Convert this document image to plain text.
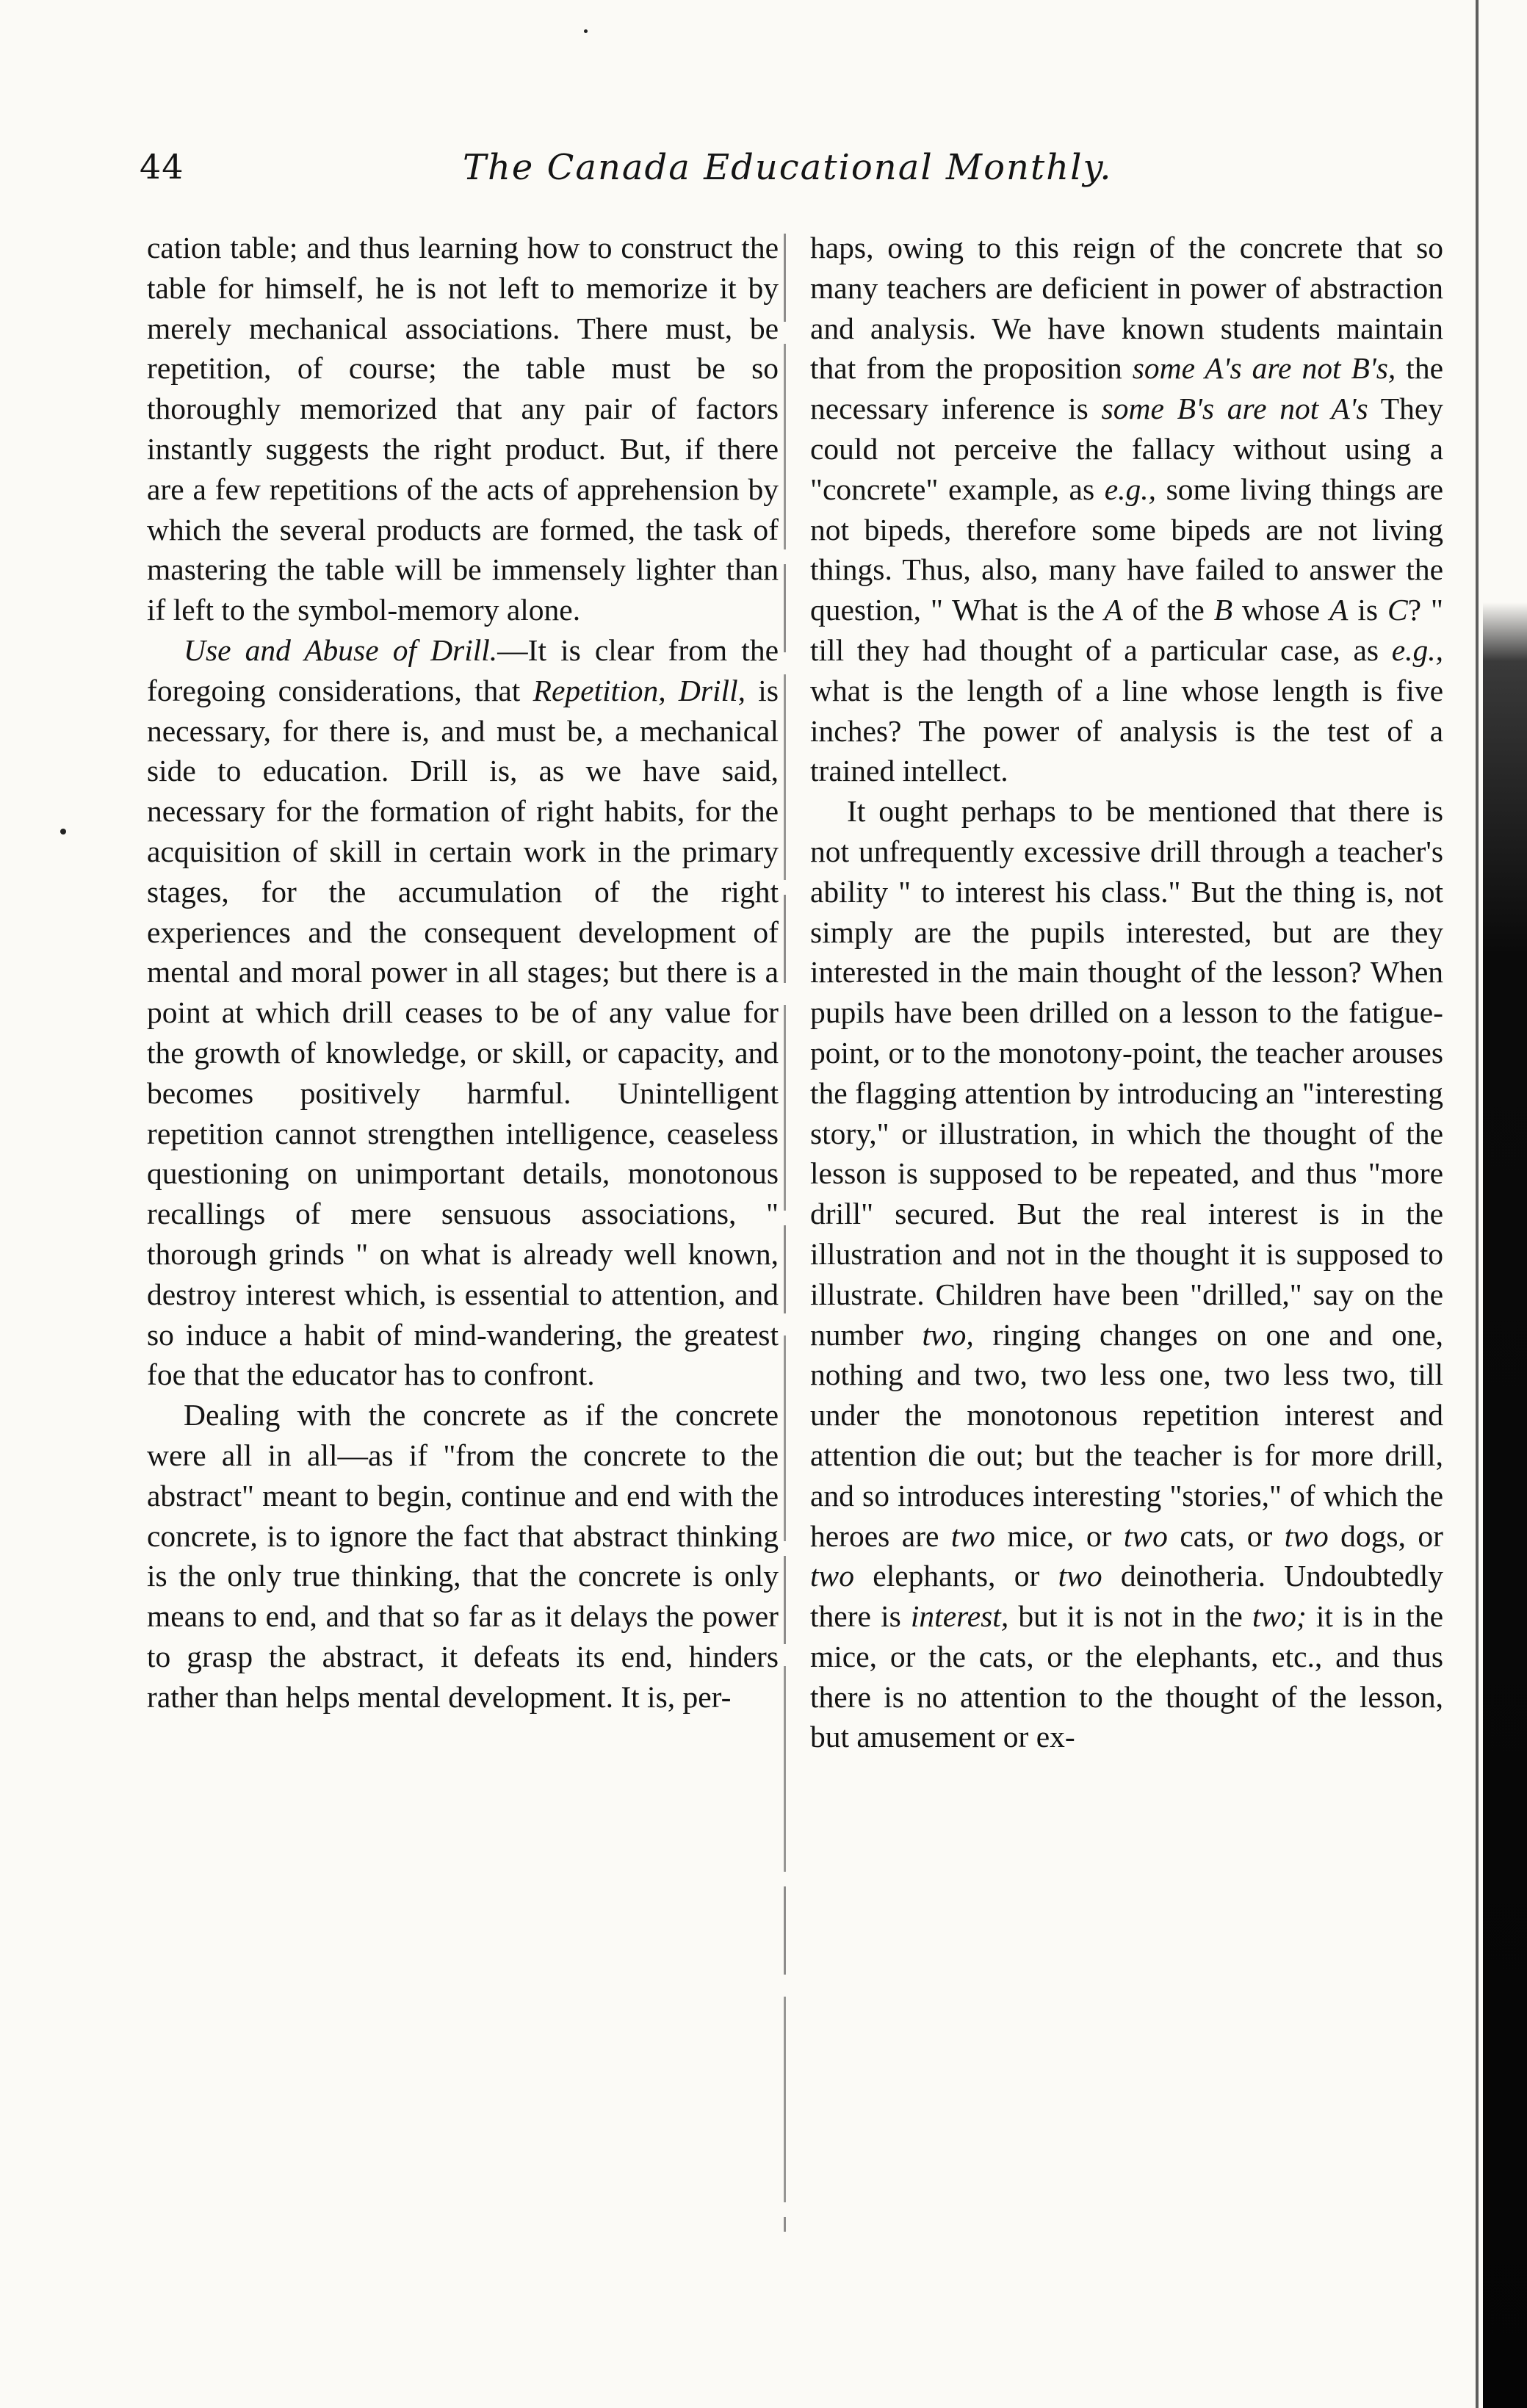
44	The Canada Educational Monthly.

cation table; and thus learning how to construct the table for himself, he is not left to memorize it by merely mechanical associations. There must, be repetition, of course; the table must be so thoroughly memorized that any pair of factors instantly suggests the right product. But, if there are a few repetitions of the acts of apprehension by which the several products are formed, the task of mastering the table will be immensely lighter than if left to the symbol-memory alone.

Use and Abuse of Drill.—It is clear from the foregoing considerations, that Repetition, Drill, is necessary, for there is, and must be, a mechanical side to education. Drill is, as we have said, necessary for the formation of right habits, for the acquisition of skill in certain work in the primary stages, for the accumulation of the right experiences and the consequent development of mental and moral power in all stages; but there is a point at which drill ceases to be of any value for the growth of knowledge, or skill, or capacity, and becomes positively harmful. Unintelligent repetition cannot strengthen intelligence, ceaseless questioning on unimportant details, monotonous recallings of mere sensuous associations, " thorough grinds " on what is already well known, destroy interest which, is essential to attention, and so induce a habit of mind-wandering, the greatest foe that the educator has to confront.

Dealing with the concrete as if the concrete were all in all—as if "from the concrete to the abstract" meant to begin, continue and end with the concrete, is to ignore the fact that abstract thinking is the only true thinking, that the concrete is only means to end, and that so far as it delays the power to grasp the abstract, it defeats its end, hinders rather than helps mental development. It is, per-

haps, owing to this reign of the concrete that so many teachers are deficient in power of abstraction and analysis. We have known students maintain that from the proposition some A's are not B's, the necessary inference is some B's are not A's They could not perceive the fallacy without using a "concrete" example, as e.g., some living things are not bipeds, therefore some bipeds are not living things. Thus, also, many have failed to answer the question, " What is the A of the B whose A is C? " till they had thought of a particular case, as e.g., what is the length of a line whose length is five inches? The power of analysis is the test of a trained intellect.

It ought perhaps to be mentioned that there is not unfrequently excessive drill through a teacher's ability " to interest his class." But the thing is, not simply are the pupils interested, but are they interested in the main thought of the lesson? When pupils have been drilled on a lesson to the fatigue-point, or to the monotony-point, the teacher arouses the flagging attention by introducing an "interesting story," or illustration, in which the thought of the lesson is supposed to be repeated, and thus "more drill" secured. But the real interest is in the illustration and not in the thought it is supposed to illustrate. Children have been "drilled," say on the number two, ringing changes on one and one, nothing and two, two less one, two less two, till under the monotonous repetition interest and attention die out; but the teacher is for more drill, and so introduces interesting "stories," of which the heroes are two mice, or two cats, or two dogs, or two elephants, or two deinotheria. Undoubtedly there is interest, but it is not in the two; it is in the mice, or the cats, or the elephants, etc., and thus there is no attention to the thought of the lesson, but amusement or ex-
